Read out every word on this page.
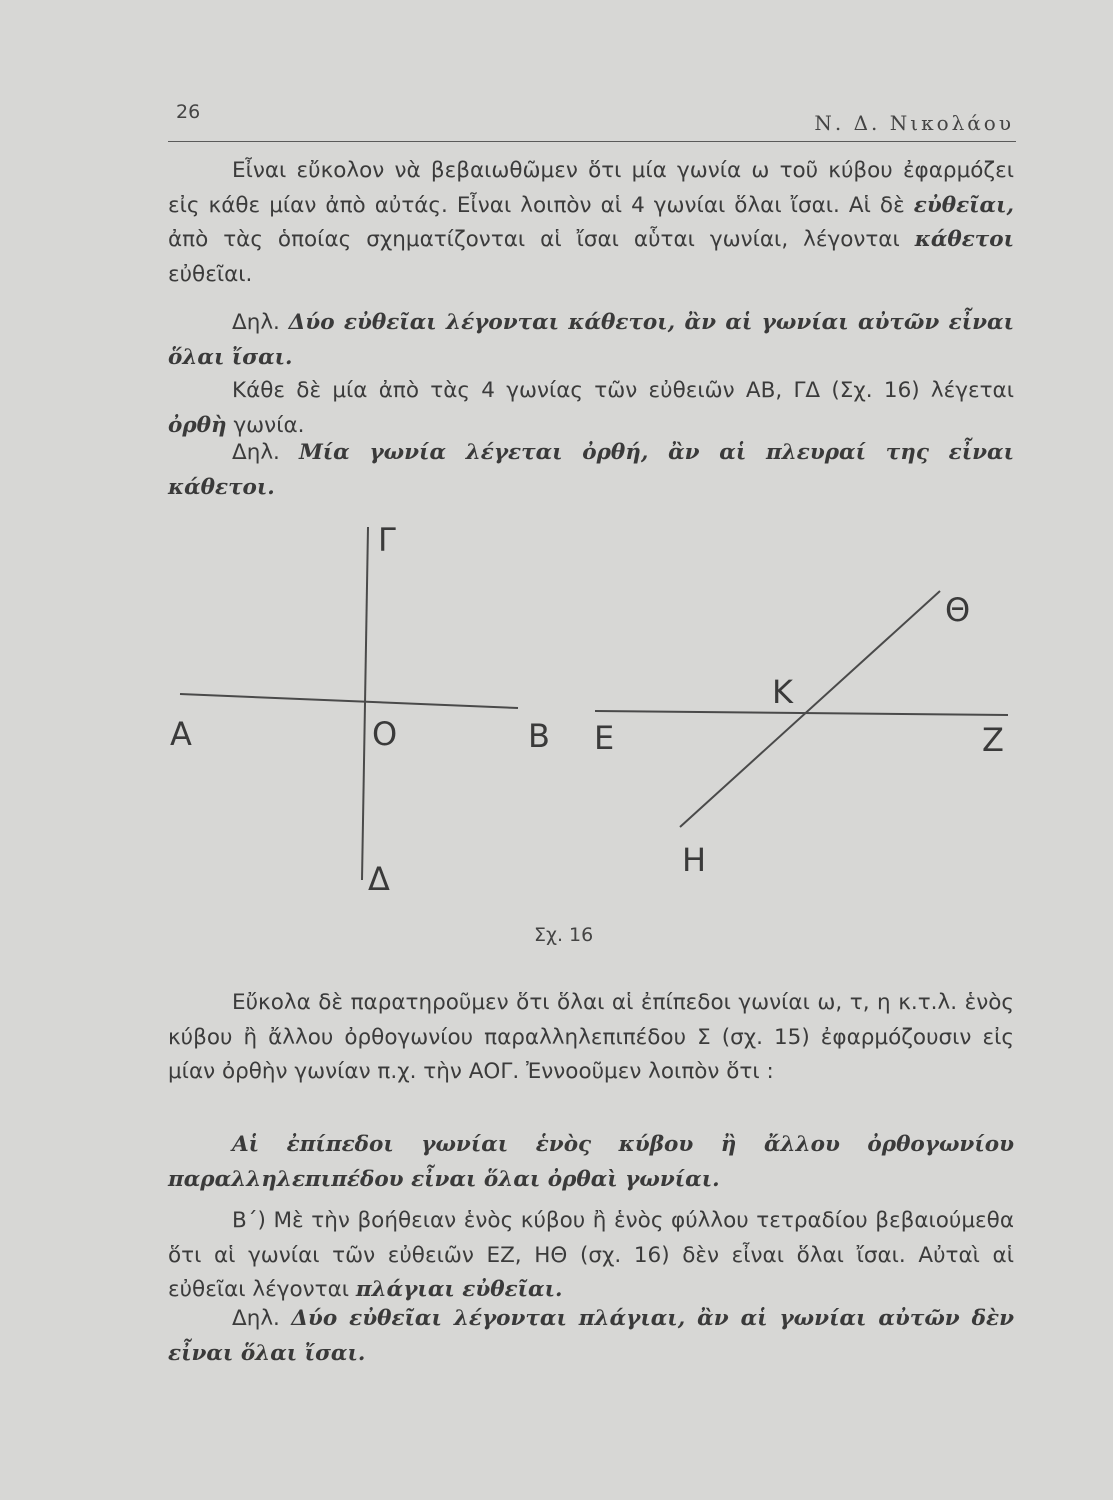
26	Ν. Δ. Νικολάου

Εἶναι εὔκολον νὰ βεβαιωθῶμεν ὅτι μία γωνία ω τοῦ κύβου ἐφαρμόζει εἰς κάθε μίαν ἀπὸ αὐτάς. Εἶναι λοιπὸν αἱ 4 γωνίαι ὅλαι ἴσαι. Αἱ δὲ εὐθεῖαι, ἀπὸ τὰς ὁποίας σχηματίζονται αἱ ἴσαι αὗται γωνίαι, λέγονται κάθετοι εὐθεῖαι.

Δηλ. Δύο εὐθεῖαι λέγονται κάθετοι, ἂν αἱ γωνίαι αὐτῶν εἶναι ὅλαι ἴσαι.

Κάθε δὲ μία ἀπὸ τὰς 4 γωνίας τῶν εὐθειῶν ΑΒ, ΓΔ (Σχ. 16) λέγεται ὀρθὴ γωνία.

Δηλ. Μία γωνία λέγεται ὀρθή, ἂν αἱ πλευραί της εἶναι κάθετοι.

Γ
Α	Ο	Β
Δ
Θ
Κ
Ε	Ζ
Η
Σχ. 16

Εὔκολα δὲ παρατηροῦμεν ὅτι ὅλαι αἱ ἐπίπεδοι γωνίαι ω, τ, η κ.τ.λ. ἑνὸς κύβου ἢ ἄλλου ὀρθογωνίου παραλληλεπιπέδου Σ (σχ. 15) ἐφαρμόζουσιν εἰς μίαν ὀρθὴν γωνίαν π.χ. τὴν ΑΟΓ. Ἐννοοῦμεν λοιπὸν ὅτι :

Αἱ ἐπίπεδοι γωνίαι ἑνὸς κύβου ἢ ἄλλου ὀρθογωνίου παραλληλεπιπέδου εἶναι ὅλαι ὀρθαὶ γωνίαι.

Β΄) Μὲ τὴν βοήθειαν ἑνὸς κύβου ἢ ἑνὸς φύλλου τετραδίου βεβαιούμεθα ὅτι αἱ γωνίαι τῶν εὐθειῶν ΕΖ, ΗΘ (σχ. 16) δὲν εἶναι ὅλαι ἴσαι. Αὐταὶ αἱ εὐθεῖαι λέγονται πλάγιαι εὐθεῖαι.

Δηλ. Δύο εὐθεῖαι λέγονται πλάγιαι, ἂν αἱ γωνίαι αὐτῶν δὲν εἶναι ὅλαι ἴσαι.
